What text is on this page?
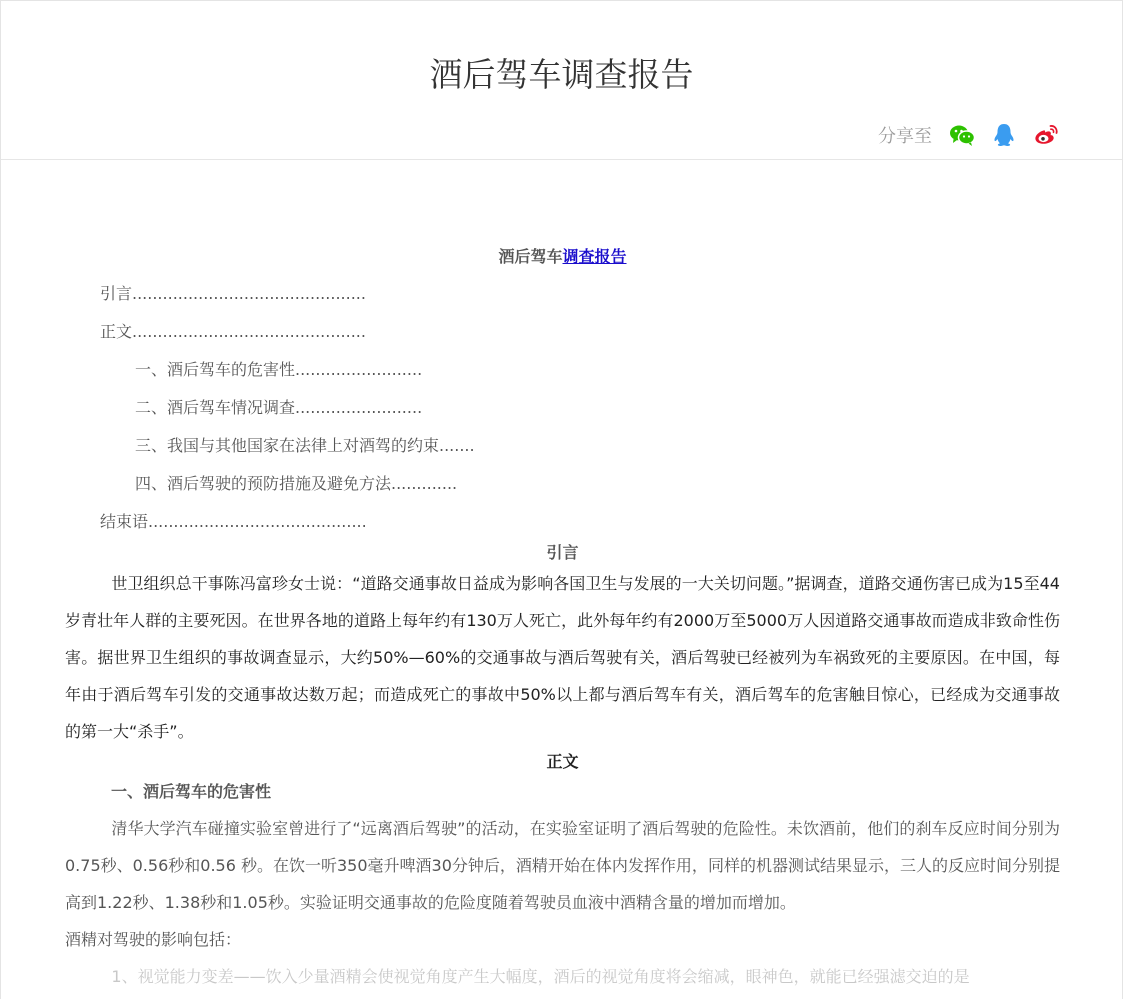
酒后驾车调查报告
分享至
酒后驾车调查报告
引言..............................................
正文..............................................
一、酒后驾车的危害性.........................
二、酒后驾车情况调查.........................
三、我国与其他国家在法律上对酒驾的约束.......
四、酒后驾驶的预防措施及避免方法.............
结束语...........................................
引言

世卫组织总干事陈冯富珍女士说：“道路交通事故日益成为影响各国卫生与发展的一大关切问题。”据调查，道路交通伤害已成为15至44岁青壮年人群的主要死因。在世界各地的道路上每年约有130万人死亡，此外每年约有2000万至5000万人因道路交通事故而造成非致命性伤害。据世界卫生组织的事故调查显示，大约50%—60%的交通事故与酒后驾驶有关，酒后驾驶已经被列为车祸致死的主要原因。在中国，每年由于酒后驾车引发的交通事故达数万起；而造成死亡的事故中50%以上都与酒后驾车有关，酒后驾车的危害触目惊心，已经成为交通事故的第一大“杀手”。

正文

一、酒后驾车的危害性

清华大学汽车碰撞实验室曾进行了“远离酒后驾驶”的活动，在实验室证明了酒后驾驶的危险性。未饮酒前，他们的刹车反应时间分别为0.75秒、0.56秒和0.56 秒。在饮一听350毫升啤酒30分钟后，酒精开始在体内发挥作用，同样的机器测试结果显示，三人的反应时间分别提高到1.22秒、1.38秒和1.05秒。实验证明交通事故的危险度随着驾驶员血液中酒精含量的增加而增加。

酒精对驾驶的影响包括：

1、视觉能力变差——饮入少量酒精会使视觉角度产生大幅度，酒后的视觉角度将会缩减，眼神色，就能已经强滤交迫的是
